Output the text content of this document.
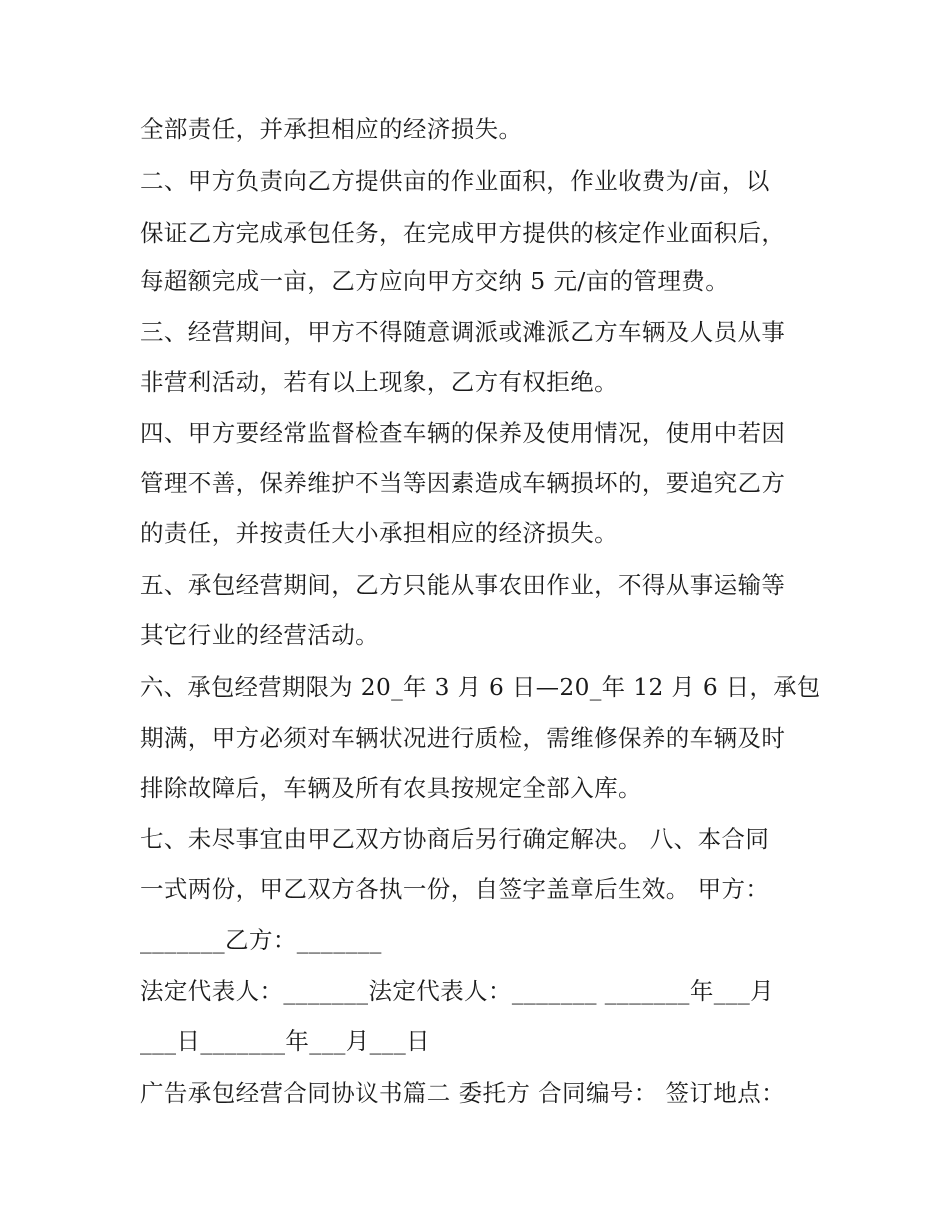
全部责任，并承担相应的经济损失。
二、甲方负责向乙方提供亩的作业面积，作业收费为/亩，以
保证乙方完成承包任务，在完成甲方提供的核定作业面积后，
每超额完成一亩，乙方应向甲方交纳 5 元/亩的管理费。
三、经营期间，甲方不得随意调派或滩派乙方车辆及人员从事
非营利活动，若有以上现象，乙方有权拒绝。
四、甲方要经常监督检查车辆的保养及使用情况，使用中若因
管理不善，保养维护不当等因素造成车辆损坏的，要追究乙方
的责任，并按责任大小承担相应的经济损失。
五、承包经营期间，乙方只能从事农田作业，不得从事运输等
其它行业的经营活动。
六、承包经营期限为 20_年 3 月 6 日—20_年 12 月 6 日，承包
期满，甲方必须对车辆状况进行质检，需维修保养的车辆及时
排除故障后，车辆及所有农具按规定全部入库。
七、未尽事宜由甲乙双方协商后另行确定解决。 八、本合同
一式两份，甲乙双方各执一份，自签字盖章后生效。 甲方：
_______乙方：_______
法定代表人：_______法定代表人：_______ _______年___月
___日_______年___月___日
广告承包经营合同协议书篇二 委托方 合同编号： 签订地点：
